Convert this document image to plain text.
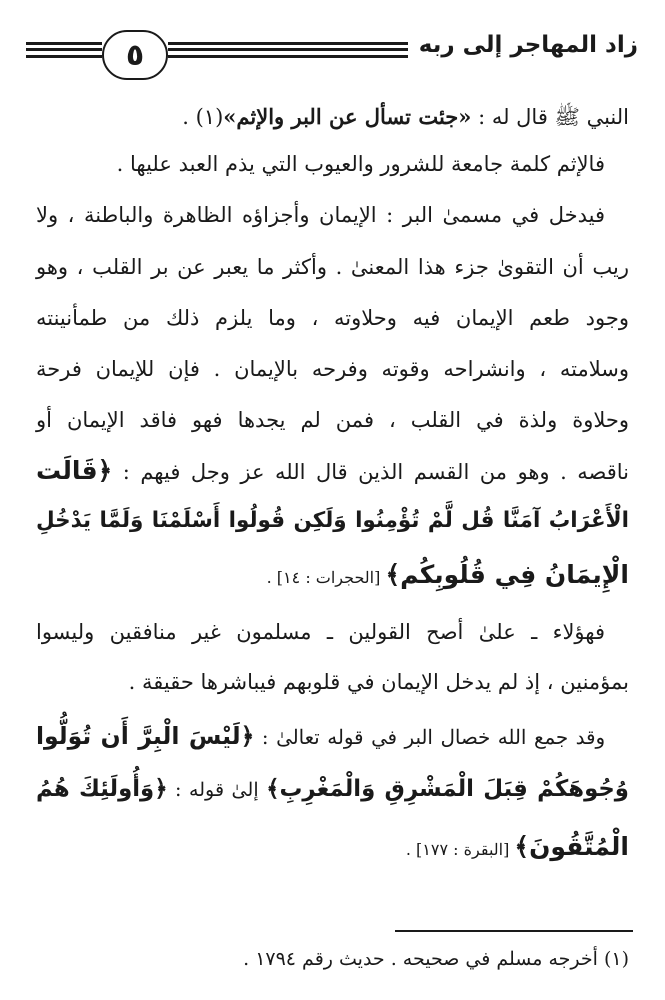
٥	زاد المهاجر إلى ربه
النبي ﷺ قال له : «جئت تسأل عن البر والإثم»(١) .
فالإثم كلمة جامعة للشرور والعيوب التي يذم العبد عليها .
فيدخل في مسمىٰ البر : الإيمان وأجزاؤه الظاهرة والباطنة ، ولا
ريب أن التقوىٰ جزء هذا المعنىٰ . وأكثر ما يعبر عن بر القلب ، وهو
وجود طعم الإيمان فيه وحلاوته ، وما يلزم ذلك من طمأنينته
وسلامته ، وانشراحه وقوته وفرحه بالإيمان . فإن للإيمان فرحة
وحلاوة ولذة في القلب ، فمن لم يجدها فهو فاقد الإيمان أو
ناقصه . وهو من القسم الذين قال الله عز وجل فيهم : ﴿قَالَت
الْأَعْرَابُ آمَنَّا قُل لَّمْ تُؤْمِنُوا وَلَكِن قُولُوا أَسْلَمْنَا وَلَمَّا يَدْخُلِ
الْإِيمَانُ فِي قُلُوبِكُم﴾ [الحجرات : ١٤] .
فهؤلاء ـ علىٰ أصح القولين ـ مسلمون غير منافقين وليسوا
بمؤمنين ، إذ لم يدخل الإيمان في قلوبهم فيباشرها حقيقة .
وقد جمع الله خصال البر في قوله تعالىٰ : ﴿لَيْسَ الْبِرَّ أَن تُوَلُّوا
وُجُوهَكُمْ قِبَلَ الْمَشْرِقِ وَالْمَغْرِبِ﴾ إلىٰ قوله : ﴿وَأُولَئِكَ هُمُ
الْمُتَّقُونَ﴾ [البقرة : ١٧٧] .
(١) أخرجه مسلم في صحيحه . حديث رقم ١٧٩٤ .
